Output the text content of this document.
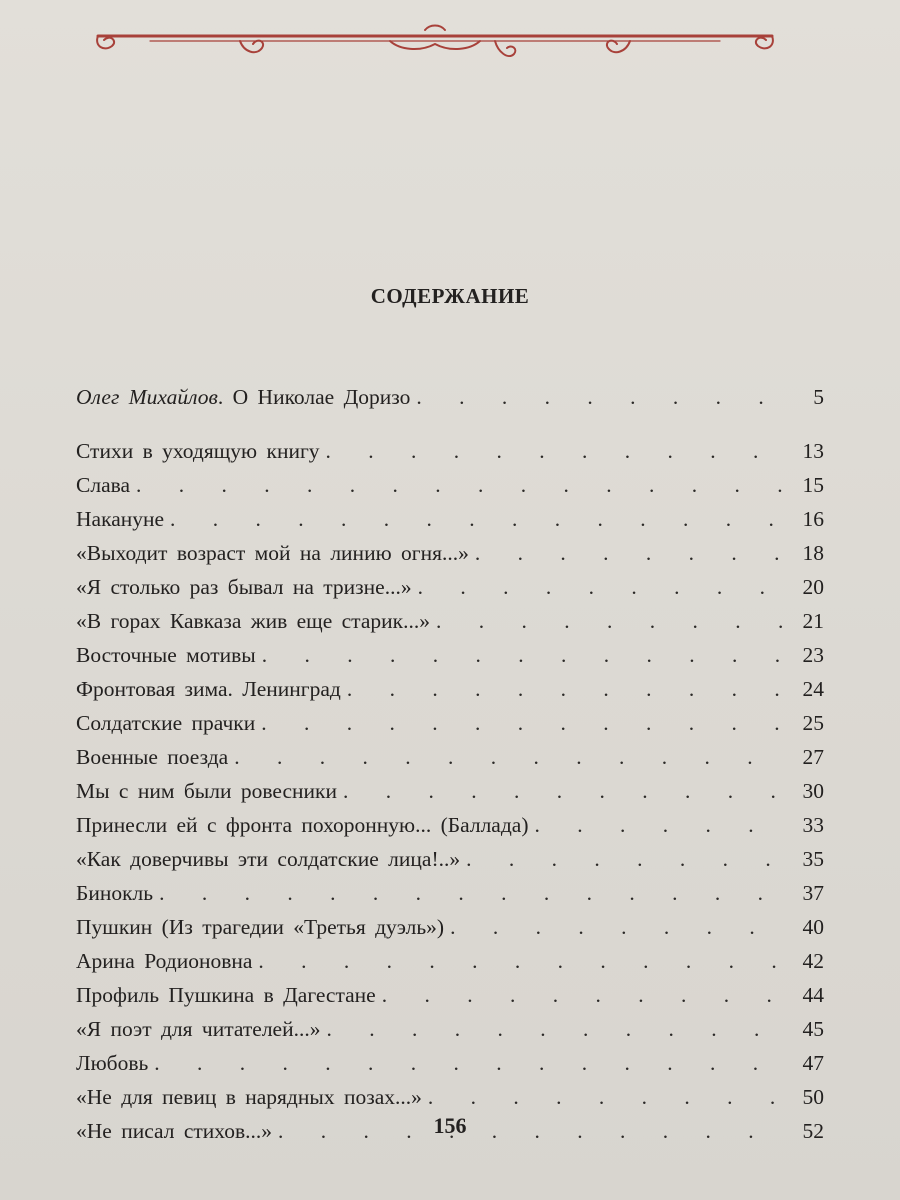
СОДЕРЖАНИЕ
Олег Михайлов. О Николае Доризо . . .	5
Стихи в уходящую книгу . . .	13
Слава . . .	15
Накануне . . .	16
«Выходит возраст мой на линию огня...» . . .	18
«Я столько раз бывал на тризне...» . . .	20
«В горах Кавказа жив еще старик...» . . .	21
Восточные мотивы . . .	23
Фронтовая зима. Ленинград . . .	24
Солдатские прачки . . .	25
Военные поезда . . .	27
Мы с ним были ровесники . . .	30
Принесли ей с фронта похоронную... (Баллада) . . .	33
«Как доверчивы эти солдатские лица!..» . . .	35
Бинокль . . .	37
Пушкин (Из трагедии «Третья дуэль») . . .	40
Арина Родионовна . . .	42
Профиль Пушкина в Дагестане . . .	44
«Я поэт для читателей...» . . .	45
Любовь . . .	47
«Не для певиц в нарядных позах...» . . .	50
«Не писал стихов...» . . .	52
156
